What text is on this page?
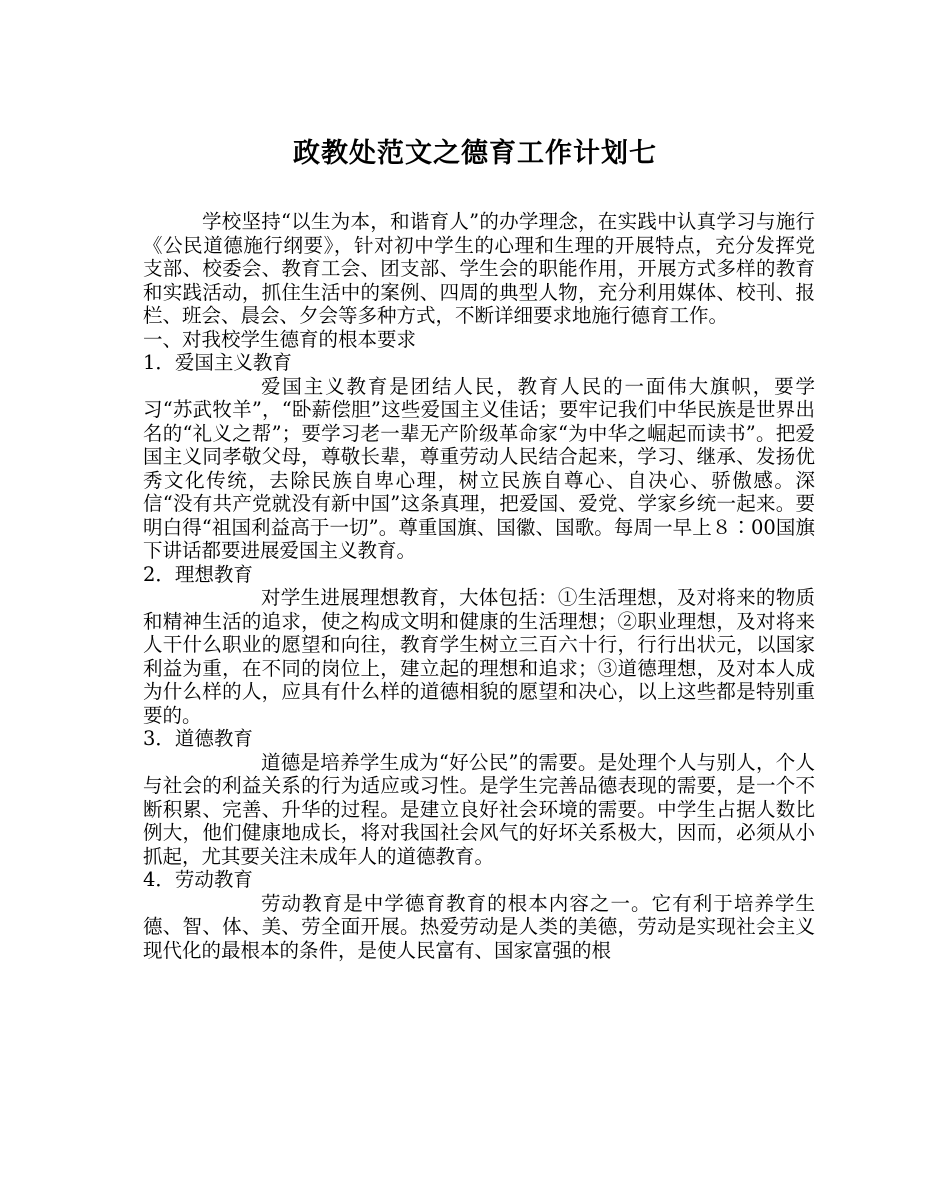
政教处范文之德育工作计划七

学校坚持“以生为本，和谐育人”的办学理念，在实践中认真学习与施行《公民道德施行纲要》，针对初中学生的心理和生理的开展特点，充分发挥党支部、校委会、教育工会、团支部、学生会的职能作用，开展方式多样的教育和实践活动，抓住生活中的案例、四周的典型人物，充分利用媒体、校刊、报栏、班会、晨会、夕会等多种方式，不断详细要求地施行德育工作。

一、对我校学生德育的根本要求

1．爱国主义教育

爱国主义教育是团结人民，教育人民的一面伟大旗帜，要学习“苏武牧羊”，“卧薪偿胆”这些爱国主义佳话；要牢记我们中华民族是世界出名的“礼义之帮”；要学习老一辈无产阶级革命家“为中华之崛起而读书”。把爱国主义同孝敬父母，尊敬长辈，尊重劳动人民结合起来，学习、继承、发扬优秀文化传统，去除民族自卑心理，树立民族自尊心、自决心、骄傲感。深信“没有共产党就没有新中国”这条真理，把爱国、爱党、学家乡统一起来。要明白得“祖国利益高于一切”。尊重国旗、国徽、国歌。每周一早上８∶00国旗下讲话都要进展爱国主义教育。

2．理想教育

对学生进展理想教育，大体包括：①生活理想，及对将来的物质和精神生活的追求，使之构成文明和健康的生活理想；②职业理想，及对将来人干什么职业的愿望和向往，教育学生树立三百六十行，行行出状元，以国家利益为重，在不同的岗位上，建立起的理想和追求；③道德理想，及对本人成为什么样的人，应具有什么样的道德相貌的愿望和决心，以上这些都是特别重要的。

3．道德教育

道德是培养学生成为“好公民”的需要。是处理个人与别人，个人与社会的利益关系的行为适应或习性。是学生完善品德表现的需要，是一个不断积累、完善、升华的过程。是建立良好社会环境的需要。中学生占据人数比例大，他们健康地成长，将对我国社会风气的好坏关系极大，因而，必须从小抓起，尤其要关注未成年人的道德教育。

4．劳动教育

劳动教育是中学德育教育的根本内容之一。它有利于培养学生德、智、体、美、劳全面开展。热爱劳动是人类的美德，劳动是实现社会主义现代化的最根本的条件，是使人民富有、国家富强的根
